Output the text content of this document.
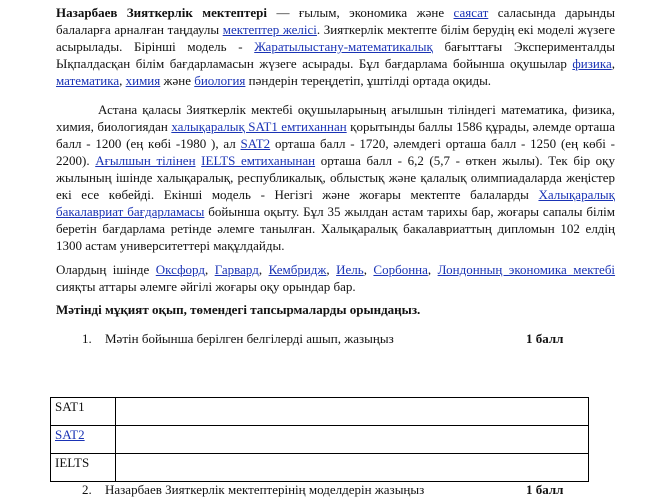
Назарбаев Зияткерлік мектептері — ғылым, экономика және саясат саласында дарынды балаларға арналған таңдаулы мектептер желісі. Зияткерлік мектепте білім берудің екі моделі жүзеге асырылады. Бірінші модель - Жаратылыстану-математикалық бағыттағы Эксперименталды Ықпалдасқан білім бағдарламасын жүзеге асырады. Бұл бағдарлама бойынша оқушылар физика, математика, химия және биология пәндерін тереңдетіп, ұштілді ортада оқиды.

Астана қаласы Зияткерлік мектебі оқушыларының ағылшын тіліндегі математика, физика, химия, биологиядан халықаралық SAT1 емтиханнан қорытынды баллы 1586 құрады, әлемде орташа балл - 1200 (ең көбі -1980 ), ал SAT2 орташа балл - 1720, әлемдегі орташа балл - 1250 (ең көбі - 2200). Ағылшын тілінен IELTS емтиханынан орташа балл - 6,2 (5,7 - өткен жылы). Тек бір оқу жылының ішінде халықаралық, республикалық, облыстық және қалалық олимпиадаларда жеңістер екі есе көбейді. Екінші модель - Негізгі және жоғары мектепте балаларды Халықаралық бакалавриат бағдарламасы бойынша оқыту. Бұл 35 жылдан астам тарихы бар, жоғары сапалы білім беретін бағдарлама ретінде әлемге танылған. Халықаралық бакалавриаттың дипломын 102 елдің 1300 астам университеттері мақұлдайды.

Олардың ішінде Оксфорд, Гарвард, Кембридж, Иель, Сорбонна, Лондонның экономика мектебі сияқты аттары әлемге әйгілі жоғары оқу орындар бар.

Мәтінді мұқият оқып, төмендегі тапсырмаларды орындаңыз.

1. Мәтін бойынша берілген белгілерді ашып, жазыңыз	1 балл
SAT1	
SAT2	
IELTS	
2. Назарбаев Зияткерлік мектептерінің моделдерін жазыңыз	1 балл
